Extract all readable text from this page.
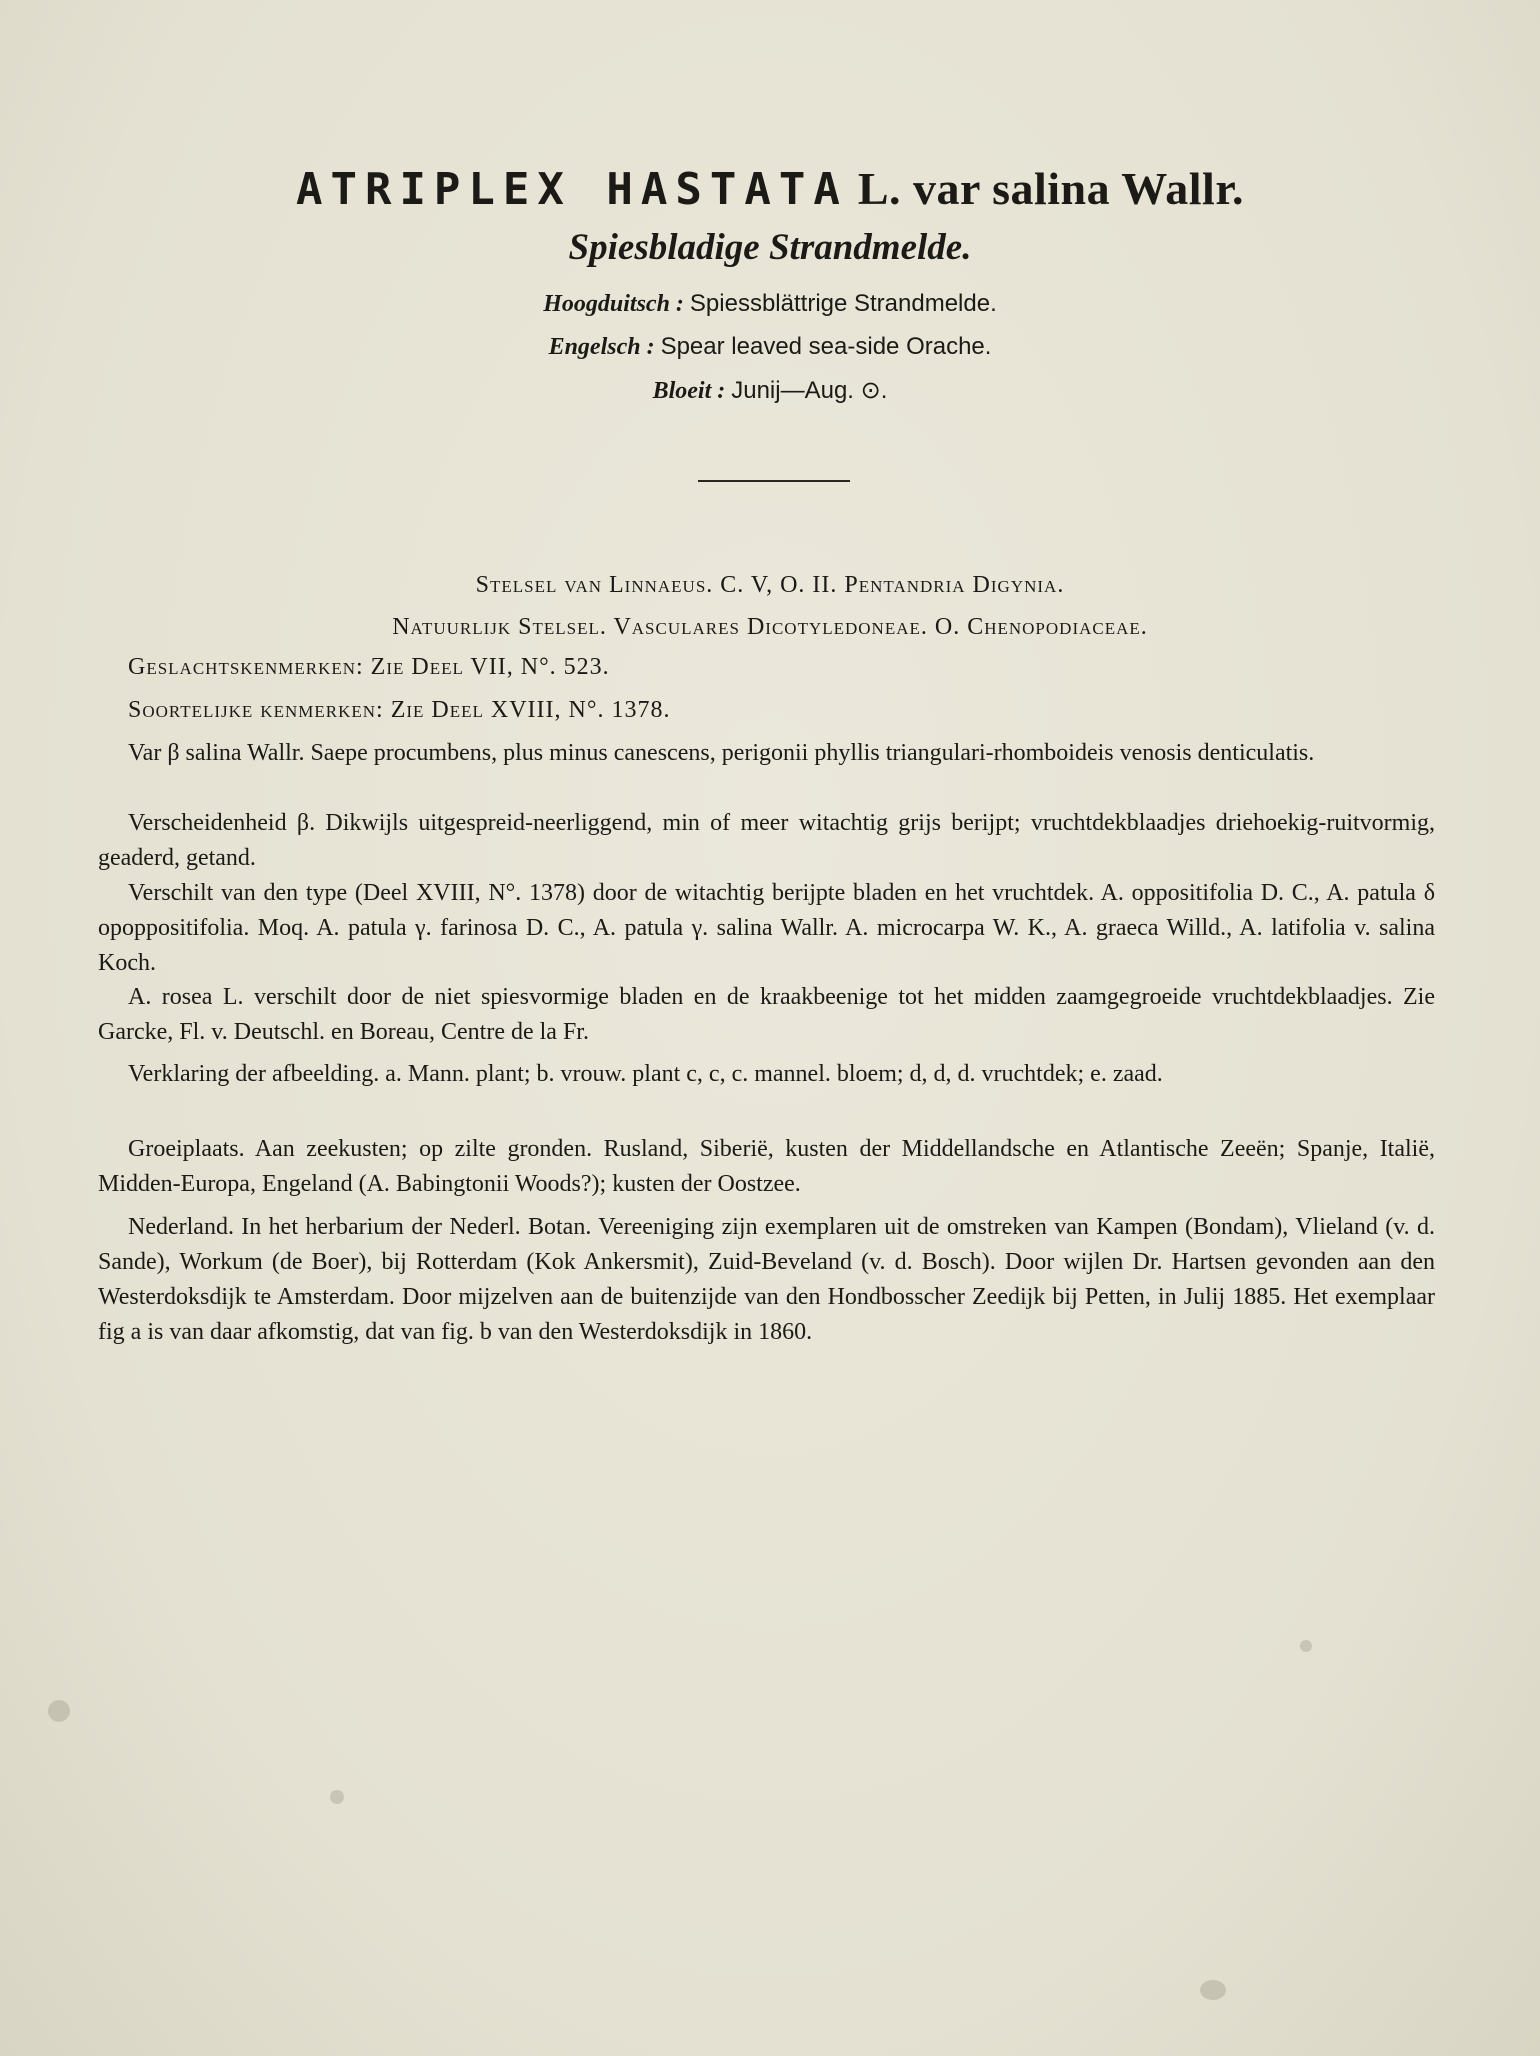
ATRIPLEX HASTATA L. var salina Wallr.
Spiesbladige Strandmelde.
Hoogduitsch : Spiessblättrige Strandmelde.
Engelsch : Spear leaved sea-side Orache.
Bloeit : Junij—Aug. ⊙.
Stelsel van Linnaeus. C. V, O. II. Pentandria Digynia.
Natuurlijk Stelsel. Vasculares Dicotyledoneae. O. Chenopodiaceae.
Geslachtskenmerken: Zie Deel VII, N°. 523.
Soortelijke kenmerken: Zie Deel XVIII, N°. 1378.
Var β salina Wallr. Saepe procumbens, plus minus canescens, perigonii phyllis triangulari-rhomboideis venosis denticulatis.
Verscheidenheid β. Dikwijls uitgespreid-neerliggend, min of meer witachtig grijs berijpt; vruchtdekblaadjes driehoekig-ruitvormig, geaderd, getand.
Verschilt van den type (Deel XVIII, N°. 1378) door de witachtig berijpte bladen en het vruchtdek. A. oppositifolia D. C., A. patula δ opoppositifolia. Moq. A. patula γ. farinosa D. C., A. patula γ. salina Wallr. A. microcarpa W. K., A. graeca Willd., A. latifolia v. salina Koch.
A. rosea L. verschilt door de niet spiesvormige bladen en de kraakbeenige tot het midden zaamgegroeide vruchtdekblaadjes. Zie Garcke, Fl. v. Deutschl. en Boreau, Centre de la Fr.
Verklaring der afbeelding. a. Mann. plant; b. vrouw. plant c, c, c. mannel. bloem; d, d, d. vruchtdek; e. zaad.
Groeiplaats. Aan zeekusten; op zilte gronden. Rusland, Siberië, kusten der Middellandsche en Atlantische Zeeën; Spanje, Italië, Midden-Europa, Engeland (A. Babingtonii Woods?); kusten der Oostzee.
Nederland. In het herbarium der Nederl. Botan. Vereeniging zijn exemplaren uit de omstreken van Kampen (Bondam), Vlieland (v. d. Sande), Workum (de Boer), bij Rotterdam (Kok Ankersmit), Zuid-Beveland (v. d. Bosch). Door wijlen Dr. Hartsen gevonden aan den Westerdoksdijk te Amsterdam. Door mijzelven aan de buitenzijde van den Hondbosscher Zeedijk bij Petten, in Julij 1885. Het exemplaar fig a is van daar afkomstig, dat van fig. b van den Westerdoksdijk in 1860.
